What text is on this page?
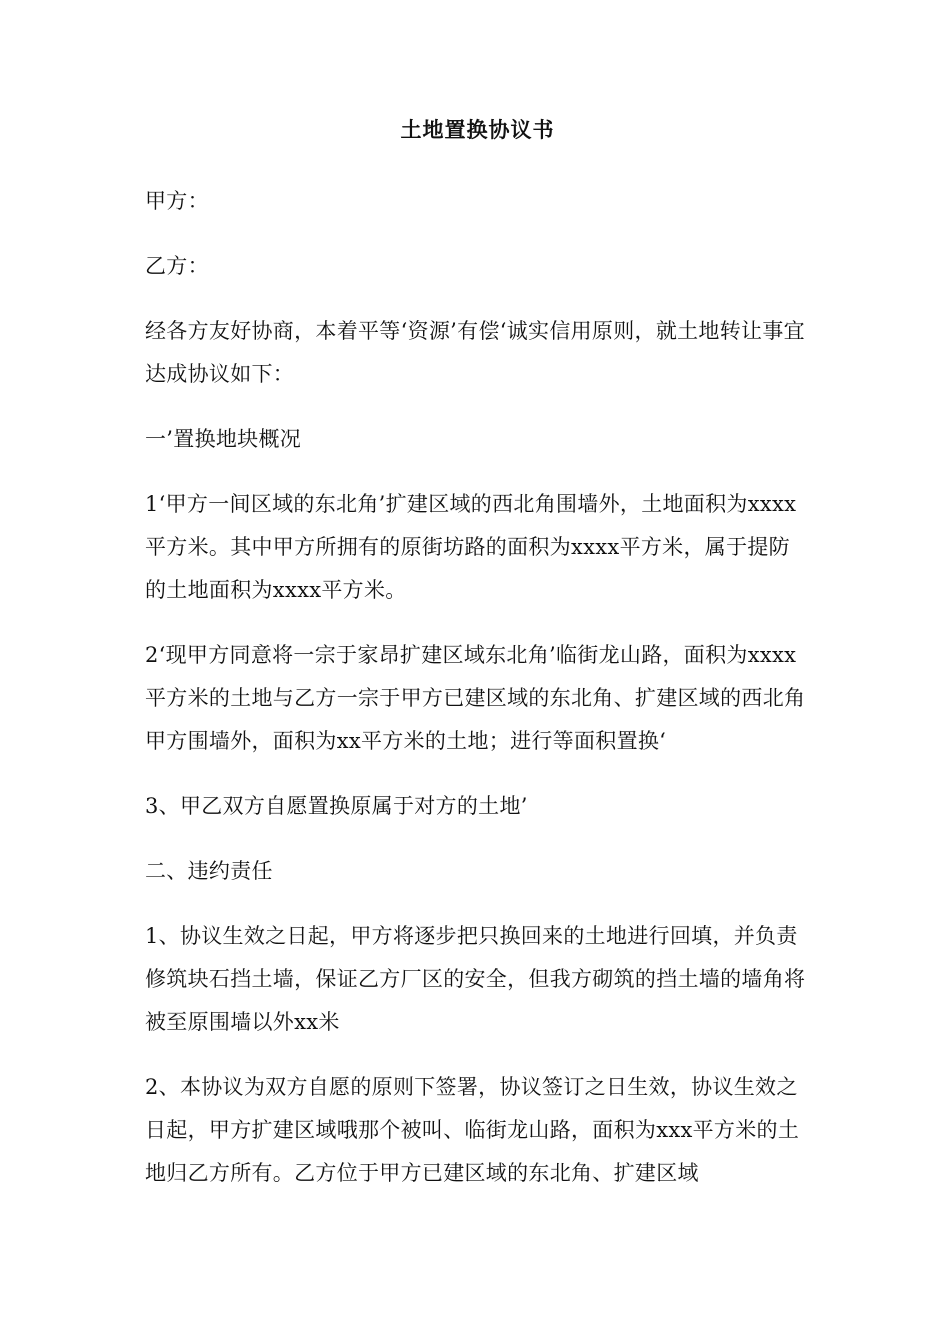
土地置换协议书
甲方：
乙方：
经各方友好协商，本着平等‘资源’有偿‘诚实信用原则，就土地转让事宜达成协议如下：
一’置换地块概况
1‘甲方一间区域的东北角’扩建区域的西北角围墙外，土地面积为xxxx平方米。其中甲方所拥有的原街坊路的面积为xxxx平方米，属于提防的土地面积为xxxx平方米。
2‘现甲方同意将一宗于家昂扩建区域东北角’临街龙山路，面积为xxxx平方米的土地与乙方一宗于甲方已建区域的东北角、扩建区域的西北角甲方围墙外，面积为xx平方米的土地；进行等面积置换‘
3、甲乙双方自愿置换原属于对方的土地’
二、违约责任
1、协议生效之日起，甲方将逐步把只换回来的土地进行回填，并负责修筑块石挡土墙，保证乙方厂区的安全，但我方砌筑的挡土墙的墙角将被至原围墙以外xx米
2、本协议为双方自愿的原则下签署，协议签订之日生效，协议生效之日起，甲方扩建区域哦那个被叫、临街龙山路，面积为xxx平方米的土地归乙方所有。乙方位于甲方已建区域的东北角、扩建区域
